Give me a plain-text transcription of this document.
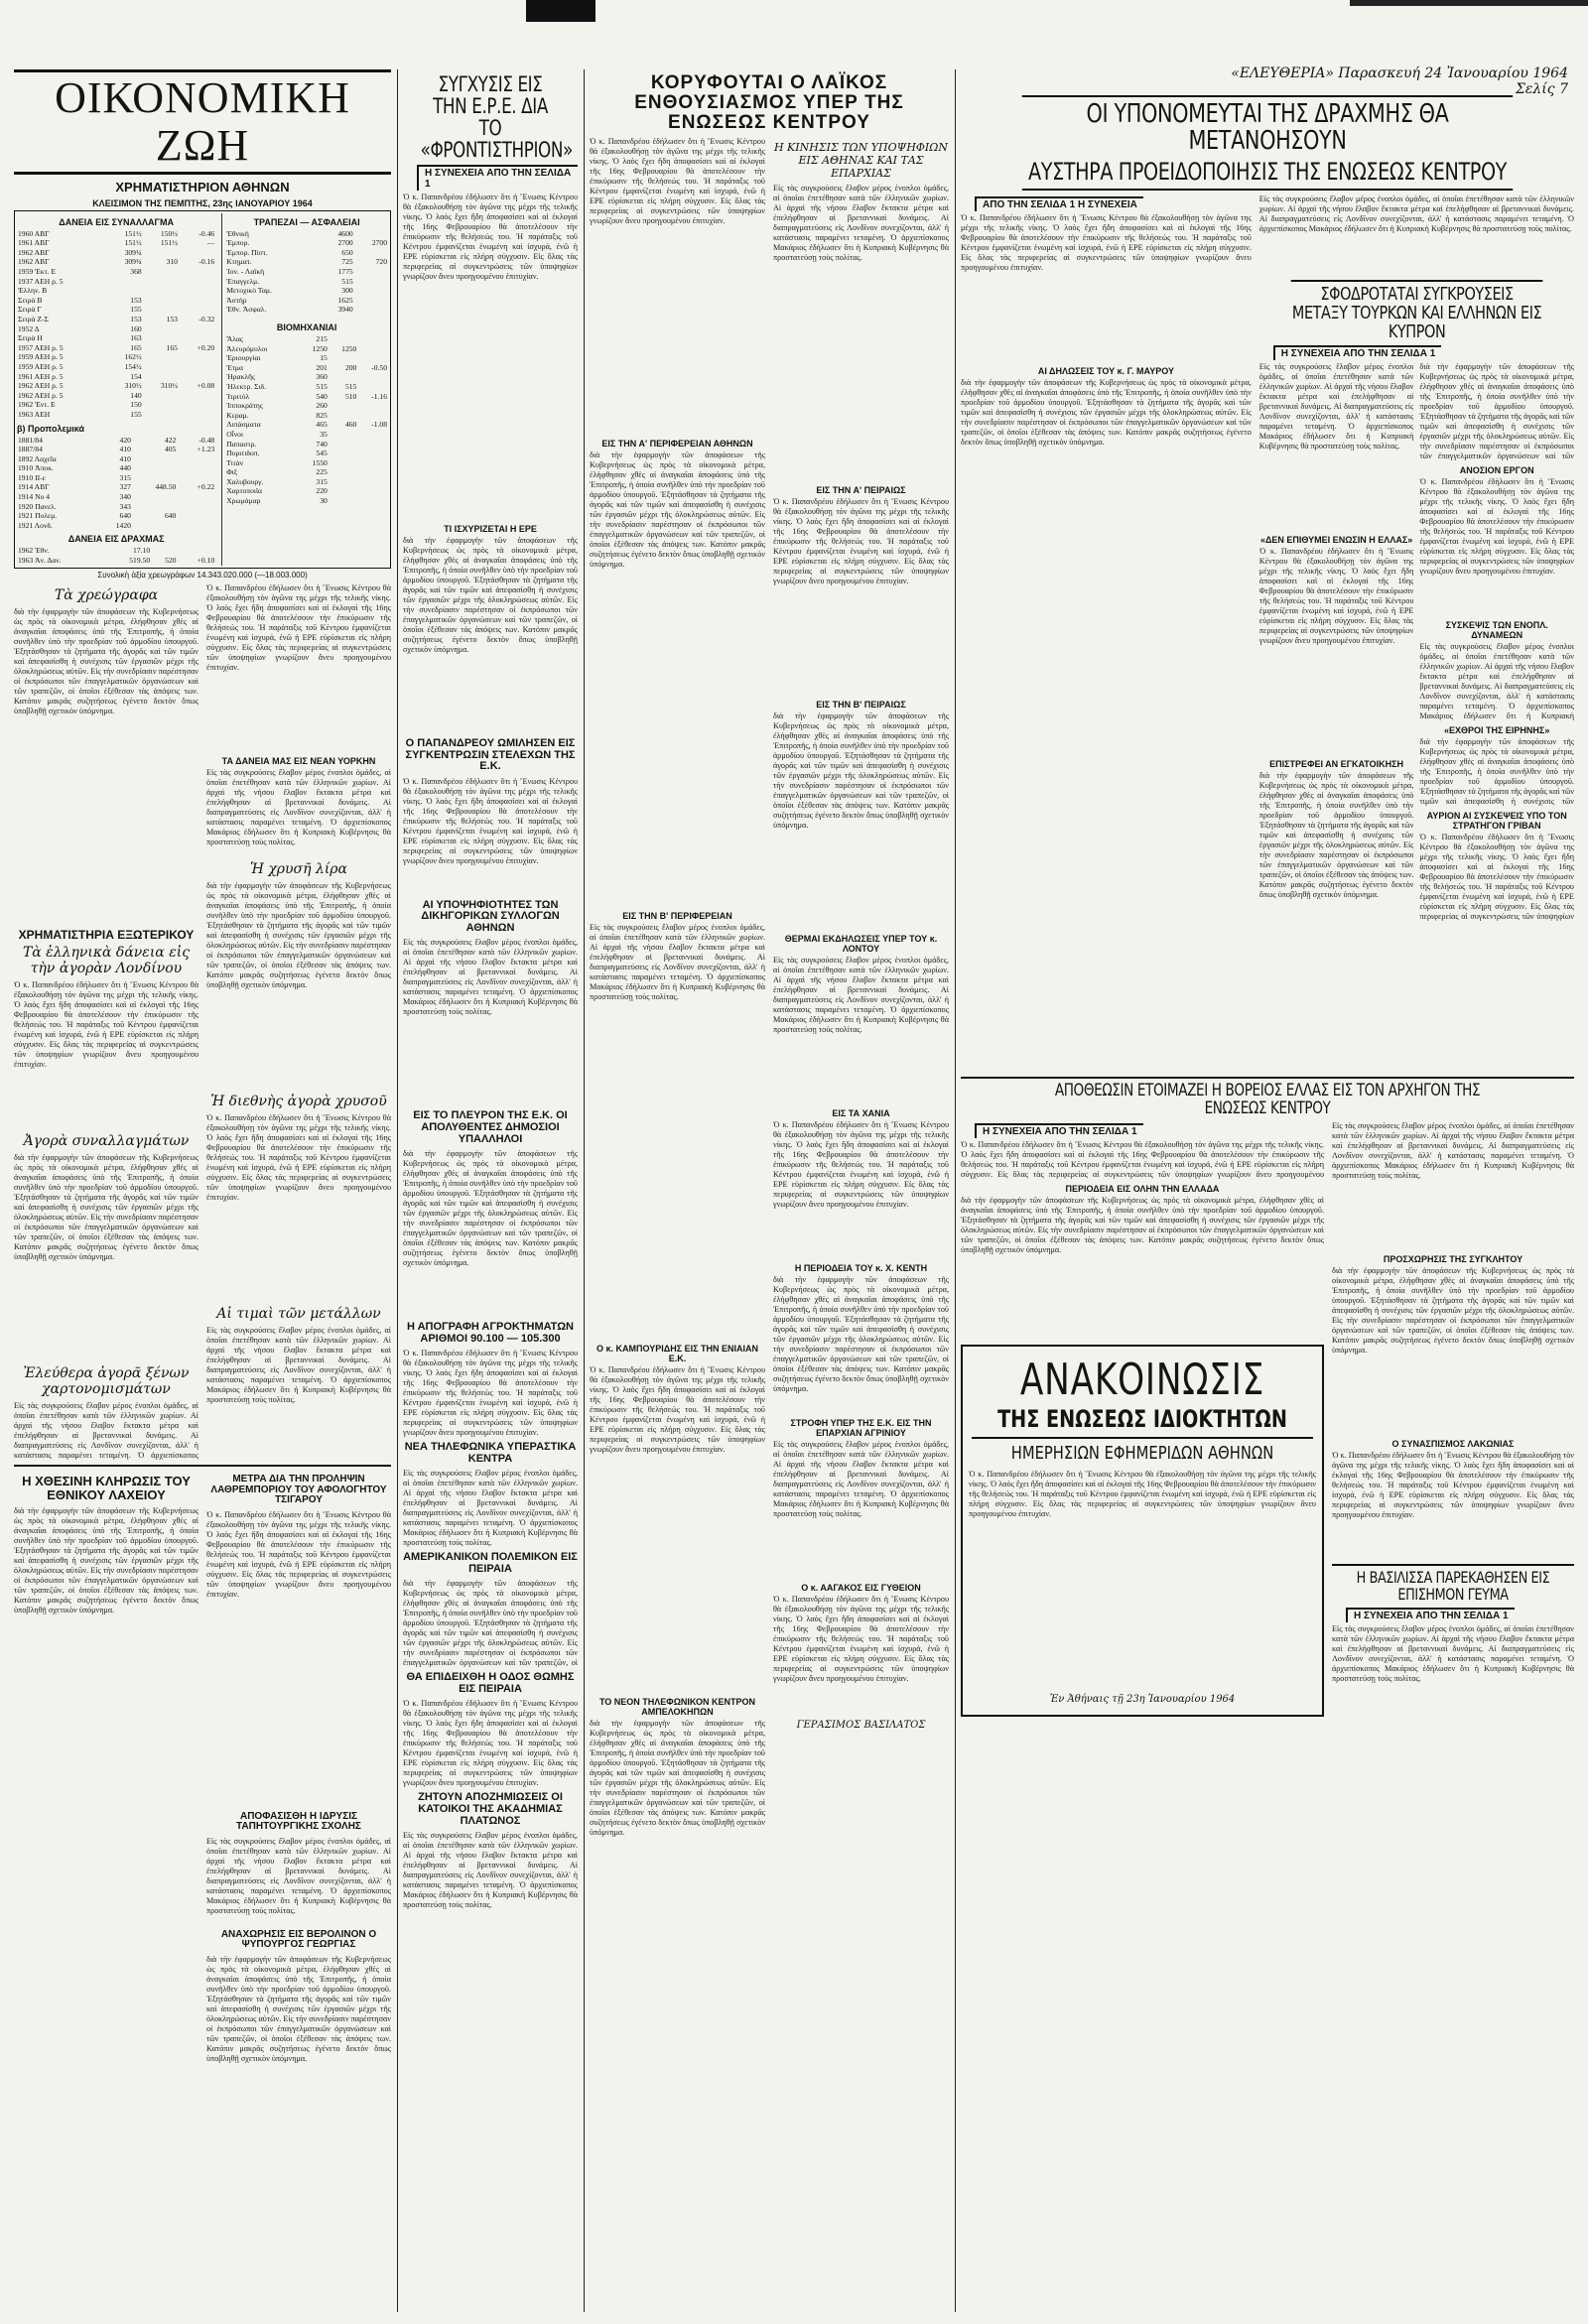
«ΕΛΕΥΘΕΡΙΑ» Παρασκευή 24 Ἰανουαρίου 1964 Σελίς 7
ΟΙΚΟΝΟΜΙΚΗ ΖΩΗ
ΧΡΗΜΑΤΙΣΤΗΡΙΟΝ ΑΘΗΝΩΝ
ΚΛΕΙΣΙΜΟΝ ΤΗΣ ΠΕΜΠΤΗΣ, 23ης ΙΑΝΟΥΑΡΙΟΥ 1964
ΔΑΝΕΙΑ ΕΙΣ ΣΥΝΑΛΛΑΓΜΑ
1960 ΑΒΓ	151½	150½	-0.46
1961 ΑΒΓ	151½	151½	—
1962 ΑΒΓ	309¾		
1962 ΑΒΓ	309¾	310	-0.16
1959 Ἐκτ. Ε	368		
1937 ΑΕΗ ρ. 5			
Ἐλλην. Β			
Σειρὰ Β	153		
Σειρὰ Γ	155		
Σειρὰ Ζ-Σ	153	153	-0.32
1952 Δ	160		
Σειρὰ Η	163		
1957 ΑΕΗ ρ. 5	165	165	+0.20
1959 ΑΕΗ ρ. 5	162½		
1959 ΑΕΗ ρ. 5	154½		
1961 ΑΕΗ ρ. 5	154		
1962 ΑΕΗ ρ. 5	310½	310½	+0.08
1962 ΑΕΗ ρ. 5	140		
1962 Ἐντ. Ε	150		
1963 ΑΕΗ	155		
β) Προπολεμικά
1881/84	420	422	-0.48
1887/84	410	405	+1.23
1892 Λαχεῖα	410		
1910 Ἀποκ.	440		
1910 ΙΙ-ε	315		
1914 ΑΒΓ	327	448.50	+0.22
1914 Νο 4	340		
1920 Πανελ.	343		
1921 Πολεμ.	640	640	
1921 Λονδ.	1420		
ΔΑΝΕΙΑ ΕΙΣ ΔΡΑΧΜΑΣ
1962 Ἐθν.	17.10		
1963 Ἀν. Δαν.	519.50	520	+0.10
ΤΡΑΠΕΖΑΙ — ΑΣΦΑΛΕΙΑΙ
Ἐθνικὴ	4600	
Ἐμπορ.	2700	2700
Ἐμπορ. Πίστ.	650	
Κτηματ.	725	720
Ἰον. - Λαϊκὴ	1775	
Ἐπαγγελμ.	515	
Μετοχικὸ Ταμ.	300	
Ἀστὴρ	1625	
Ἐθν. Ἀσφαλ.	3940	
ΒΙΟΜΗΧΑΝΙΑΙ
Ἄλας	215		
Ἀλευρόμυλοι	1250	1250	
Ἐριουργίαι	15		
Ἐτμα	201	200	-0.50
Ἡρακλῆς	360		
Ἠλεκτρ. Σιδ.	515	515	
Ἰτριτόλ	540	510	-1.16
Ἱπποκράτης	260		
Κεραμ.	825		
Λιπάσματα	465	460	-1.08
Οἶνοι	35		
Παπαστρ.	740		
Πυριτιδοπ.	545		
Τιτὰν	1550		
Φιξ	225		
Χαλυβουργ.	315		
Χαρτοποιΐα	220		
Χρωμάμαρ	30		
Συνολικὴ ἀξία χρεωγράφων 14.343.020.000 (—18.003.000)
Τὰ χρεώγραφα
διὰ τὴν ἐφαρμογὴν τῶν ἀποφάσεων τῆς Κυβερνήσεως ὡς πρὸς τὰ οἰκονομικὰ μέτρα, ἐλήφθησαν χθὲς αἱ ἀναγκαῖαι ἀποφάσεις ὑπὸ τῆς Ἐπιτροπῆς, ἡ ὁποία συνῆλθεν ὑπὸ τὴν προεδρίαν τοῦ ἁρμοδίου ὑπουργοῦ. Ἐξητάσθησαν τὰ ζητήματα τῆς ἀγορᾶς καὶ τῶν τιμῶν καὶ ἀπεφασίσθη ἡ συνέχισις τῶν ἐργασιῶν μέχρι τῆς ὁλοκληρώσεως αὐτῶν. Εἰς τὴν συνεδρίασιν παρέστησαν οἱ ἐκπρόσωποι τῶν ἐπαγγελματικῶν ὀργανώσεων καὶ τῶν τραπεζῶν, οἱ ὁποῖοι ἐξέθεσαν τὰς ἀπόψεις των. Κατόπιν μακρᾶς συζητήσεως ἐγένετο δεκτὸν ὅπως ὑποβληθῇ σχετικὸν ὑπόμνημα.
ΧΡΗΜΑΤΙΣΤΗΡΙΑ ΕΞΩΤΕΡΙΚΟΥ
Τὰ ἑλληνικὰ δάνεια εἰς τὴν ἀγορὰν Λονδίνου
Ὁ κ. Παπανδρέου ἐδήλωσεν ὅτι ἡ Ἕνωσις Κέντρου θὰ ἐξακολουθήσῃ τὸν ἀγῶνα της μέχρι τῆς τελικῆς νίκης. Ὁ λαὸς ἔχει ἤδη ἀποφασίσει καὶ αἱ ἐκλογαὶ τῆς 16ης Φεβρουαρίου θὰ ἀποτελέσουν τὴν ἐπικύρωσιν τῆς θελήσεώς του. Ἡ παράταξις τοῦ Κέντρου ἐμφανίζεται ἑνωμένη καὶ ἰσχυρά, ἐνῶ ἡ ΕΡΕ εὑρίσκεται εἰς πλήρη σύγχυσιν. Εἰς ὅλας τὰς περιφερείας αἱ συγκεντρώσεις τῶν ὑποψηφίων γνωρίζουν ἄνευ προηγουμένου ἐπιτυχίαν.
Ἀγορὰ συναλλαγμάτων
διὰ τὴν ἐφαρμογὴν τῶν ἀποφάσεων τῆς Κυβερνήσεως ὡς πρὸς τὰ οἰκονομικὰ μέτρα, ἐλήφθησαν χθὲς αἱ ἀναγκαῖαι ἀποφάσεις ὑπὸ τῆς Ἐπιτροπῆς, ἡ ὁποία συνῆλθεν ὑπὸ τὴν προεδρίαν τοῦ ἁρμοδίου ὑπουργοῦ. Ἐξητάσθησαν τὰ ζητήματα τῆς ἀγορᾶς καὶ τῶν τιμῶν καὶ ἀπεφασίσθη ἡ συνέχισις τῶν ἐργασιῶν μέχρι τῆς ὁλοκληρώσεως αὐτῶν. Εἰς τὴν συνεδρίασιν παρέστησαν οἱ ἐκπρόσωποι τῶν ἐπαγγελματικῶν ὀργανώσεων καὶ τῶν τραπεζῶν, οἱ ὁποῖοι ἐξέθεσαν τὰς ἀπόψεις των. Κατόπιν μακρᾶς συζητήσεως ἐγένετο δεκτὸν ὅπως ὑποβληθῇ σχετικὸν ὑπόμνημα.
Ἐλεύθερα ἀγορᾶ ξένων χαρτονομισμάτων
Εἰς τὰς συγκρούσεις ἔλαβον μέρος ἐνοπλοι ὁμάδες, αἱ ὁποῖαι ἐπετέθησαν κατὰ τῶν ἑλληνικῶν χωρίων. Αἱ ἀρχαὶ τῆς νήσου ἔλαβον ἔκτακτα μέτρα καὶ ἐπελήφθησαν αἱ βρεταννικαὶ δυνάμεις. Αἱ διαπραγματεύσεις εἰς Λονδῖνον συνεχίζονται, ἀλλ' ἡ κατάστασις παραμένει τεταμένη. Ὁ ἀρχιεπίσκοπος
Ὁ κ. Παπανδρέου ἐδήλωσεν ὅτι ἡ Ἕνωσις Κέντρου θὰ ἐξακολουθήσῃ τὸν ἀγῶνα της μέχρι τῆς τελικῆς νίκης. Ὁ λαὸς ἔχει ἤδη ἀποφασίσει καὶ αἱ ἐκλογαὶ τῆς 16ης Φεβρουαρίου θὰ ἀποτελέσουν τὴν ἐπικύρωσιν τῆς θελήσεώς του. Ἡ παράταξις τοῦ Κέντρου ἐμφανίζεται ἑνωμένη καὶ ἰσχυρά, ἐνῶ ἡ ΕΡΕ εὑρίσκεται εἰς πλήρη σύγχυσιν. Εἰς ὅλας τὰς περιφερείας αἱ συγκεντρώσεις τῶν ὑποψηφίων γνωρίζουν ἄνευ προηγουμένου ἐπιτυχίαν.
ΤΑ ΔΑΝΕΙΑ ΜΑΣ ΕΙΣ ΝΕΑΝ ΥΟΡΚΗΝ
Εἰς τὰς συγκρούσεις ἔλαβον μέρος ἐνοπλοι ὁμάδες, αἱ ὁποῖαι ἐπετέθησαν κατὰ τῶν ἑλληνικῶν χωρίων. Αἱ ἀρχαὶ τῆς νήσου ἔλαβον ἔκτακτα μέτρα καὶ ἐπελήφθησαν αἱ βρεταννικαὶ δυνάμεις. Αἱ διαπραγματεύσεις εἰς Λονδῖνον συνεχίζονται, ἀλλ' ἡ κατάστασις παραμένει τεταμένη. Ὁ ἀρχιεπίσκοπος Μακάριος ἐδήλωσεν ὅτι ἡ Κυπριακὴ Κυβέρνησις θὰ προστατεύσῃ τοὺς πολίτας.
Ἡ χρυσῆ λίρα
διὰ τὴν ἐφαρμογὴν τῶν ἀποφάσεων τῆς Κυβερνήσεως ὡς πρὸς τὰ οἰκονομικὰ μέτρα, ἐλήφθησαν χθὲς αἱ ἀναγκαῖαι ἀποφάσεις ὑπὸ τῆς Ἐπιτροπῆς, ἡ ὁποία συνῆλθεν ὑπὸ τὴν προεδρίαν τοῦ ἁρμοδίου ὑπουργοῦ. Ἐξητάσθησαν τὰ ζητήματα τῆς ἀγορᾶς καὶ τῶν τιμῶν καὶ ἀπεφασίσθη ἡ συνέχισις τῶν ἐργασιῶν μέχρι τῆς ὁλοκληρώσεως αὐτῶν. Εἰς τὴν συνεδρίασιν παρέστησαν οἱ ἐκπρόσωποι τῶν ἐπαγγελματικῶν ὀργανώσεων καὶ τῶν τραπεζῶν, οἱ ὁποῖοι ἐξέθεσαν τὰς ἀπόψεις των. Κατόπιν μακρᾶς συζητήσεως ἐγένετο δεκτὸν ὅπως ὑποβληθῇ σχετικὸν ὑπόμνημα.
Ἡ διεθνὴς ἀγορὰ χρυσοῦ
Ὁ κ. Παπανδρέου ἐδήλωσεν ὅτι ἡ Ἕνωσις Κέντρου θὰ ἐξακολουθήσῃ τὸν ἀγῶνα της μέχρι τῆς τελικῆς νίκης. Ὁ λαὸς ἔχει ἤδη ἀποφασίσει καὶ αἱ ἐκλογαὶ τῆς 16ης Φεβρουαρίου θὰ ἀποτελέσουν τὴν ἐπικύρωσιν τῆς θελήσεώς του. Ἡ παράταξις τοῦ Κέντρου ἐμφανίζεται ἑνωμένη καὶ ἰσχυρά, ἐνῶ ἡ ΕΡΕ εὑρίσκεται εἰς πλήρη σύγχυσιν. Εἰς ὅλας τὰς περιφερείας αἱ συγκεντρώσεις τῶν ὑποψηφίων γνωρίζουν ἄνευ προηγουμένου ἐπιτυχίαν.
Αἱ τιμαὶ τῶν μετάλλων
Εἰς τὰς συγκρούσεις ἔλαβον μέρος ἐνοπλοι ὁμάδες, αἱ ὁποῖαι ἐπετέθησαν κατὰ τῶν ἑλληνικῶν χωρίων. Αἱ ἀρχαὶ τῆς νήσου ἔλαβον ἔκτακτα μέτρα καὶ ἐπελήφθησαν αἱ βρεταννικαὶ δυνάμεις. Αἱ διαπραγματεύσεις εἰς Λονδῖνον συνεχίζονται, ἀλλ' ἡ κατάστασις παραμένει τεταμένη. Ὁ ἀρχιεπίσκοπος Μακάριος ἐδήλωσεν ὅτι ἡ Κυπριακὴ Κυβέρνησις θὰ προστατεύσῃ τοὺς πολίτας.
Η ΧΘΕΣΙΝΗ ΚΛΗΡΩΣΙΣ ΤΟΥ ΕΘΝΙΚΟΥ ΛΑΧΕΙΟΥ
διὰ τὴν ἐφαρμογὴν τῶν ἀποφάσεων τῆς Κυβερνήσεως ὡς πρὸς τὰ οἰκονομικὰ μέτρα, ἐλήφθησαν χθὲς αἱ ἀναγκαῖαι ἀποφάσεις ὑπὸ τῆς Ἐπιτροπῆς, ἡ ὁποία συνῆλθεν ὑπὸ τὴν προεδρίαν τοῦ ἁρμοδίου ὑπουργοῦ. Ἐξητάσθησαν τὰ ζητήματα τῆς ἀγορᾶς καὶ τῶν τιμῶν καὶ ἀπεφασίσθη ἡ συνέχισις τῶν ἐργασιῶν μέχρι τῆς ὁλοκληρώσεως αὐτῶν. Εἰς τὴν συνεδρίασιν παρέστησαν οἱ ἐκπρόσωποι τῶν ἐπαγγελματικῶν ὀργανώσεων καὶ τῶν τραπεζῶν, οἱ ὁποῖοι ἐξέθεσαν τὰς ἀπόψεις των. Κατόπιν μακρᾶς συζητήσεως ἐγένετο δεκτὸν ὅπως ὑποβληθῇ σχετικὸν ὑπόμνημα.
ΜΕΤΡΑ ΔΙΑ ΤΗΝ ΠΡΟΛΗΨΙΝ ΛΑΘΡΕΜΠΟΡΙΟΥ ΤΟΥ ΑΦΟΛΟΓΗΤΟΥ ΤΣΙΓΑΡΟΥ
Ὁ κ. Παπανδρέου ἐδήλωσεν ὅτι ἡ Ἕνωσις Κέντρου θὰ ἐξακολουθήσῃ τὸν ἀγῶνα της μέχρι τῆς τελικῆς νίκης. Ὁ λαὸς ἔχει ἤδη ἀποφασίσει καὶ αἱ ἐκλογαὶ τῆς 16ης Φεβρουαρίου θὰ ἀποτελέσουν τὴν ἐπικύρωσιν τῆς θελήσεώς του. Ἡ παράταξις τοῦ Κέντρου ἐμφανίζεται ἑνωμένη καὶ ἰσχυρά, ἐνῶ ἡ ΕΡΕ εὑρίσκεται εἰς πλήρη σύγχυσιν. Εἰς ὅλας τὰς περιφερείας αἱ συγκεντρώσεις τῶν ὑποψηφίων γνωρίζουν ἄνευ προηγουμένου ἐπιτυχίαν.
ΑΠΟΦΑΣΙΣΘΗ Η ΙΔΡΥΣΙΣ ΤΑΠΗΤΟΥΡΓΙΚΗΣ ΣΧΟΛΗΣ
Εἰς τὰς συγκρούσεις ἔλαβον μέρος ἐνοπλοι ὁμάδες, αἱ ὁποῖαι ἐπετέθησαν κατὰ τῶν ἑλληνικῶν χωρίων. Αἱ ἀρχαὶ τῆς νήσου ἔλαβον ἔκτακτα μέτρα καὶ ἐπελήφθησαν αἱ βρεταννικαὶ δυνάμεις. Αἱ διαπραγματεύσεις εἰς Λονδῖνον συνεχίζονται, ἀλλ' ἡ κατάστασις παραμένει τεταμένη. Ὁ ἀρχιεπίσκοπος Μακάριος ἐδήλωσεν ὅτι ἡ Κυπριακὴ Κυβέρνησις θὰ προστατεύσῃ τοὺς πολίτας.
ΑΝΑΧΩΡΗΣΙΣ ΕΙΣ ΒΕΡΟΛΙΝΟΝ Ο ΨΥΠΟΥΡΓΟΣ ΓΕΩΡΓΙΑΣ
διὰ τὴν ἐφαρμογὴν τῶν ἀποφάσεων τῆς Κυβερνήσεως ὡς πρὸς τὰ οἰκονομικὰ μέτρα, ἐλήφθησαν χθὲς αἱ ἀναγκαῖαι ἀποφάσεις ὑπὸ τῆς Ἐπιτροπῆς, ἡ ὁποία συνῆλθεν ὑπὸ τὴν προεδρίαν τοῦ ἁρμοδίου ὑπουργοῦ. Ἐξητάσθησαν τὰ ζητήματα τῆς ἀγορᾶς καὶ τῶν τιμῶν καὶ ἀπεφασίσθη ἡ συνέχισις τῶν ἐργασιῶν μέχρι τῆς ὁλοκληρώσεως αὐτῶν. Εἰς τὴν συνεδρίασιν παρέστησαν οἱ ἐκπρόσωποι τῶν ἐπαγγελματικῶν ὀργανώσεων καὶ τῶν τραπεζῶν, οἱ ὁποῖοι ἐξέθεσαν τὰς ἀπόψεις των. Κατόπιν μακρᾶς συζητήσεως ἐγένετο δεκτὸν ὅπως ὑποβληθῇ σχετικὸν ὑπόμνημα.
ΣΥΓΧΥΣΙΣ ΕΙΣ ΤΗΝ Ε.Ρ.Ε. ΔΙΑ ΤΟ «ΦΡΟΝΤΙΣΤΗΡΙΟΝ»
Η ΣΥΝΕΧΕΙΑ ΑΠΟ ΤΗΝ ΣΕΛΙΔΑ 1
Ὁ κ. Παπανδρέου ἐδήλωσεν ὅτι ἡ Ἕνωσις Κέντρου θὰ ἐξακολουθήσῃ τὸν ἀγῶνα της μέχρι τῆς τελικῆς νίκης. Ὁ λαὸς ἔχει ἤδη ἀποφασίσει καὶ αἱ ἐκλογαὶ τῆς 16ης Φεβρουαρίου θὰ ἀποτελέσουν τὴν ἐπικύρωσιν τῆς θελήσεώς του. Ἡ παράταξις τοῦ Κέντρου ἐμφανίζεται ἑνωμένη καὶ ἰσχυρά, ἐνῶ ἡ ΕΡΕ εὑρίσκεται εἰς πλήρη σύγχυσιν. Εἰς ὅλας τὰς περιφερείας αἱ συγκεντρώσεις τῶν ὑποψηφίων γνωρίζουν ἄνευ προηγουμένου ἐπιτυχίαν.
ΤΙ ΙΣΧΥΡΙΖΕΤΑΙ Η ΕΡΕ
διὰ τὴν ἐφαρμογὴν τῶν ἀποφάσεων τῆς Κυβερνήσεως ὡς πρὸς τὰ οἰκονομικὰ μέτρα, ἐλήφθησαν χθὲς αἱ ἀναγκαῖαι ἀποφάσεις ὑπὸ τῆς Ἐπιτροπῆς, ἡ ὁποία συνῆλθεν ὑπὸ τὴν προεδρίαν τοῦ ἁρμοδίου ὑπουργοῦ. Ἐξητάσθησαν τὰ ζητήματα τῆς ἀγορᾶς καὶ τῶν τιμῶν καὶ ἀπεφασίσθη ἡ συνέχισις τῶν ἐργασιῶν μέχρι τῆς ὁλοκληρώσεως αὐτῶν. Εἰς τὴν συνεδρίασιν παρέστησαν οἱ ἐκπρόσωποι τῶν ἐπαγγελματικῶν ὀργανώσεων καὶ τῶν τραπεζῶν, οἱ ὁποῖοι ἐξέθεσαν τὰς ἀπόψεις των. Κατόπιν μακρᾶς συζητήσεως ἐγένετο δεκτὸν ὅπως ὑποβληθῇ σχετικὸν ὑπόμνημα.
Ο ΠΑΠΑΝΔΡΕΟΥ ΩΜΙΛΗΣΕΝ ΕΙΣ ΣΥΓΚΕΝΤΡΩΣΙΝ ΣΤΕΛΕΧΩΝ ΤΗΣ Ε.Κ.
Ὁ κ. Παπανδρέου ἐδήλωσεν ὅτι ἡ Ἕνωσις Κέντρου θὰ ἐξακολουθήσῃ τὸν ἀγῶνα της μέχρι τῆς τελικῆς νίκης. Ὁ λαὸς ἔχει ἤδη ἀποφασίσει καὶ αἱ ἐκλογαὶ τῆς 16ης Φεβρουαρίου θὰ ἀποτελέσουν τὴν ἐπικύρωσιν τῆς θελήσεώς του. Ἡ παράταξις τοῦ Κέντρου ἐμφανίζεται ἑνωμένη καὶ ἰσχυρά, ἐνῶ ἡ ΕΡΕ εὑρίσκεται εἰς πλήρη σύγχυσιν. Εἰς ὅλας τὰς περιφερείας αἱ συγκεντρώσεις τῶν ὑποψηφίων γνωρίζουν ἄνευ προηγουμένου ἐπιτυχίαν.
ΑΙ ΥΠΟΨΗΦΙΟΤΗΤΕΣ ΤΩΝ ΔΙΚΗΓΟΡΙΚΩΝ ΣΥΛΛΟΓΩΝ ΑΘΗΝΩΝ
Εἰς τὰς συγκρούσεις ἔλαβον μέρος ἐνοπλοι ὁμάδες, αἱ ὁποῖαι ἐπετέθησαν κατὰ τῶν ἑλληνικῶν χωρίων. Αἱ ἀρχαὶ τῆς νήσου ἔλαβον ἔκτακτα μέτρα καὶ ἐπελήφθησαν αἱ βρεταννικαὶ δυνάμεις. Αἱ διαπραγματεύσεις εἰς Λονδῖνον συνεχίζονται, ἀλλ' ἡ κατάστασις παραμένει τεταμένη. Ὁ ἀρχιεπίσκοπος Μακάριος ἐδήλωσεν ὅτι ἡ Κυπριακὴ Κυβέρνησις θὰ προστατεύσῃ τοὺς πολίτας.
ΕΙΣ ΤΟ ΠΛΕΥΡΟΝ ΤΗΣ Ε.Κ. ΟΙ ΑΠΟΛΥΘΕΝΤΕΣ ΔΗΜΟΣΙΟΙ ΥΠΑΛΛΗΛΟΙ
διὰ τὴν ἐφαρμογὴν τῶν ἀποφάσεων τῆς Κυβερνήσεως ὡς πρὸς τὰ οἰκονομικὰ μέτρα, ἐλήφθησαν χθὲς αἱ ἀναγκαῖαι ἀποφάσεις ὑπὸ τῆς Ἐπιτροπῆς, ἡ ὁποία συνῆλθεν ὑπὸ τὴν προεδρίαν τοῦ ἁρμοδίου ὑπουργοῦ. Ἐξητάσθησαν τὰ ζητήματα τῆς ἀγορᾶς καὶ τῶν τιμῶν καὶ ἀπεφασίσθη ἡ συνέχισις τῶν ἐργασιῶν μέχρι τῆς ὁλοκληρώσεως αὐτῶν. Εἰς τὴν συνεδρίασιν παρέστησαν οἱ ἐκπρόσωποι τῶν ἐπαγγελματικῶν ὀργανώσεων καὶ τῶν τραπεζῶν, οἱ ὁποῖοι ἐξέθεσαν τὰς ἀπόψεις των. Κατόπιν μακρᾶς συζητήσεως ἐγένετο δεκτὸν ὅπως ὑποβληθῇ σχετικὸν ὑπόμνημα.
Η ΑΠΟΓΡΑΦΗ ΑΓΡΟΚΤΗΜΑΤΩΝ ΑΡΙΘΜΟΙ 90.100 — 105.300
Ὁ κ. Παπανδρέου ἐδήλωσεν ὅτι ἡ Ἕνωσις Κέντρου θὰ ἐξακολουθήσῃ τὸν ἀγῶνα της μέχρι τῆς τελικῆς νίκης. Ὁ λαὸς ἔχει ἤδη ἀποφασίσει καὶ αἱ ἐκλογαὶ τῆς 16ης Φεβρουαρίου θὰ ἀποτελέσουν τὴν ἐπικύρωσιν τῆς θελήσεώς του. Ἡ παράταξις τοῦ Κέντρου ἐμφανίζεται ἑνωμένη καὶ ἰσχυρά, ἐνῶ ἡ ΕΡΕ εὑρίσκεται εἰς πλήρη σύγχυσιν. Εἰς ὅλας τὰς περιφερείας αἱ συγκεντρώσεις τῶν ὑποψηφίων γνωρίζουν ἄνευ προηγουμένου ἐπιτυχίαν.
ΝΕΑ ΤΗΛΕΦΩΝΙΚΑ ΥΠΕΡΑΣΤΙΚΑ ΚΕΝΤΡΑ
Εἰς τὰς συγκρούσεις ἔλαβον μέρος ἐνοπλοι ὁμάδες, αἱ ὁποῖαι ἐπετέθησαν κατὰ τῶν ἑλληνικῶν χωρίων. Αἱ ἀρχαὶ τῆς νήσου ἔλαβον ἔκτακτα μέτρα καὶ ἐπελήφθησαν αἱ βρεταννικαὶ δυνάμεις. Αἱ διαπραγματεύσεις εἰς Λονδῖνον συνεχίζονται, ἀλλ' ἡ κατάστασις παραμένει τεταμένη. Ὁ ἀρχιεπίσκοπος Μακάριος ἐδήλωσεν ὅτι ἡ Κυπριακὴ Κυβέρνησις θὰ προστατεύσῃ τοὺς πολίτας.
ΑΜΕΡΙΚΑΝΙΚΟΝ ΠΟΛΕΜΙΚΟΝ ΕΙΣ ΠΕΙΡΑΙΑ
διὰ τὴν ἐφαρμογὴν τῶν ἀποφάσεων τῆς Κυβερνήσεως ὡς πρὸς τὰ οἰκονομικὰ μέτρα, ἐλήφθησαν χθὲς αἱ ἀναγκαῖαι ἀποφάσεις ὑπὸ τῆς Ἐπιτροπῆς, ἡ ὁποία συνῆλθεν ὑπὸ τὴν προεδρίαν τοῦ ἁρμοδίου ὑπουργοῦ. Ἐξητάσθησαν τὰ ζητήματα τῆς ἀγορᾶς καὶ τῶν τιμῶν καὶ ἀπεφασίσθη ἡ συνέχισις τῶν ἐργασιῶν μέχρι τῆς ὁλοκληρώσεως αὐτῶν. Εἰς τὴν συνεδρίασιν παρέστησαν οἱ ἐκπρόσωποι τῶν ἐπαγγελματικῶν ὀργανώσεων καὶ τῶν τραπεζῶν, οἱ
ΘΑ ΕΠΙΔΕΙΧΘΗ Η ΟΔΟΣ ΘΩΜΗΣ ΕΙΣ ΠΕΙΡΑΙΑ
Ὁ κ. Παπανδρέου ἐδήλωσεν ὅτι ἡ Ἕνωσις Κέντρου θὰ ἐξακολουθήσῃ τὸν ἀγῶνα της μέχρι τῆς τελικῆς νίκης. Ὁ λαὸς ἔχει ἤδη ἀποφασίσει καὶ αἱ ἐκλογαὶ τῆς 16ης Φεβρουαρίου θὰ ἀποτελέσουν τὴν ἐπικύρωσιν τῆς θελήσεώς του. Ἡ παράταξις τοῦ Κέντρου ἐμφανίζεται ἑνωμένη καὶ ἰσχυρά, ἐνῶ ἡ ΕΡΕ εὑρίσκεται εἰς πλήρη σύγχυσιν. Εἰς ὅλας τὰς περιφερείας αἱ συγκεντρώσεις τῶν ὑποψηφίων γνωρίζουν ἄνευ προηγουμένου ἐπιτυχίαν.
ΖΗΤΟΥΝ ΑΠΟΖΗΜΙΩΣΕΙΣ ΟΙ ΚΑΤΟΙΚΟΙ ΤΗΣ ΑΚΑΔΗΜΙΑΣ ΠΛΑΤΩΝΟΣ
Εἰς τὰς συγκρούσεις ἔλαβον μέρος ἐνοπλοι ὁμάδες, αἱ ὁποῖαι ἐπετέθησαν κατὰ τῶν ἑλληνικῶν χωρίων. Αἱ ἀρχαὶ τῆς νήσου ἔλαβον ἔκτακτα μέτρα καὶ ἐπελήφθησαν αἱ βρεταννικαὶ δυνάμεις. Αἱ διαπραγματεύσεις εἰς Λονδῖνον συνεχίζονται, ἀλλ' ἡ κατάστασις παραμένει τεταμένη. Ὁ ἀρχιεπίσκοπος Μακάριος ἐδήλωσεν ὅτι ἡ Κυπριακὴ Κυβέρνησις θὰ προστατεύσῃ τοὺς πολίτας.
ΚΟΡΥΦΟΥΤΑΙ Ο ΛΑΪΚΟΣ ΕΝΘΟΥΣΙΑΣΜΟΣ ΥΠΕΡ ΤΗΣ ΕΝΩΣΕΩΣ ΚΕΝΤΡΟΥ
Ὁ κ. Παπανδρέου ἐδήλωσεν ὅτι ἡ Ἕνωσις Κέντρου θὰ ἐξακολουθήσῃ τὸν ἀγῶνα της μέχρι τῆς τελικῆς νίκης. Ὁ λαὸς ἔχει ἤδη ἀποφασίσει καὶ αἱ ἐκλογαὶ τῆς 16ης Φεβρουαρίου θὰ ἀποτελέσουν τὴν ἐπικύρωσιν τῆς θελήσεώς του. Ἡ παράταξις τοῦ Κέντρου ἐμφανίζεται ἑνωμένη καὶ ἰσχυρά, ἐνῶ ἡ ΕΡΕ εὑρίσκεται εἰς πλήρη σύγχυσιν. Εἰς ὅλας τὰς περιφερείας αἱ συγκεντρώσεις τῶν ὑποψηφίων γνωρίζουν ἄνευ προηγουμένου ἐπιτυχίαν.
ΕΙΣ ΤΗΝ Α' ΠΕΡΙΦΕΡΕΙΑΝ ΑΘΗΝΩΝ
διὰ τὴν ἐφαρμογὴν τῶν ἀποφάσεων τῆς Κυβερνήσεως ὡς πρὸς τὰ οἰκονομικὰ μέτρα, ἐλήφθησαν χθὲς αἱ ἀναγκαῖαι ἀποφάσεις ὑπὸ τῆς Ἐπιτροπῆς, ἡ ὁποία συνῆλθεν ὑπὸ τὴν προεδρίαν τοῦ ἁρμοδίου ὑπουργοῦ. Ἐξητάσθησαν τὰ ζητήματα τῆς ἀγορᾶς καὶ τῶν τιμῶν καὶ ἀπεφασίσθη ἡ συνέχισις τῶν ἐργασιῶν μέχρι τῆς ὁλοκληρώσεως αὐτῶν. Εἰς τὴν συνεδρίασιν παρέστησαν οἱ ἐκπρόσωποι τῶν ἐπαγγελματικῶν ὀργανώσεων καὶ τῶν τραπεζῶν, οἱ ὁποῖοι ἐξέθεσαν τὰς ἀπόψεις των. Κατόπιν μακρᾶς συζητήσεως ἐγένετο δεκτὸν ὅπως ὑποβληθῇ σχετικὸν ὑπόμνημα.
ΕΙΣ ΤΗΝ Β' ΠΕΡΙΦΕΡΕΙΑΝ
Εἰς τὰς συγκρούσεις ἔλαβον μέρος ἐνοπλοι ὁμάδες, αἱ ὁποῖαι ἐπετέθησαν κατὰ τῶν ἑλληνικῶν χωρίων. Αἱ ἀρχαὶ τῆς νήσου ἔλαβον ἔκτακτα μέτρα καὶ ἐπελήφθησαν αἱ βρεταννικαὶ δυνάμεις. Αἱ διαπραγματεύσεις εἰς Λονδῖνον συνεχίζονται, ἀλλ' ἡ κατάστασις παραμένει τεταμένη. Ὁ ἀρχιεπίσκοπος Μακάριος ἐδήλωσεν ὅτι ἡ Κυπριακὴ Κυβέρνησις θὰ προστατεύσῃ τοὺς πολίτας.
Ο κ. ΚΑΜΠΟΥΡΙΔΗΣ ΕΙΣ ΤΗΝ ΕΝΙΑΙΑΝ Ε.Κ.
Ὁ κ. Παπανδρέου ἐδήλωσεν ὅτι ἡ Ἕνωσις Κέντρου θὰ ἐξακολουθήσῃ τὸν ἀγῶνα της μέχρι τῆς τελικῆς νίκης. Ὁ λαὸς ἔχει ἤδη ἀποφασίσει καὶ αἱ ἐκλογαὶ τῆς 16ης Φεβρουαρίου θὰ ἀποτελέσουν τὴν ἐπικύρωσιν τῆς θελήσεώς του. Ἡ παράταξις τοῦ Κέντρου ἐμφανίζεται ἑνωμένη καὶ ἰσχυρά, ἐνῶ ἡ ΕΡΕ εὑρίσκεται εἰς πλήρη σύγχυσιν. Εἰς ὅλας τὰς περιφερείας αἱ συγκεντρώσεις τῶν ὑποψηφίων γνωρίζουν ἄνευ προηγουμένου ἐπιτυχίαν.
ΤΟ ΝΕΟΝ ΤΗΛΕΦΩΝΙΚΟΝ ΚΕΝΤΡΟΝ ΑΜΠΕΛΟΚΗΠΩΝ
διὰ τὴν ἐφαρμογὴν τῶν ἀποφάσεων τῆς Κυβερνήσεως ὡς πρὸς τὰ οἰκονομικὰ μέτρα, ἐλήφθησαν χθὲς αἱ ἀναγκαῖαι ἀποφάσεις ὑπὸ τῆς Ἐπιτροπῆς, ἡ ὁποία συνῆλθεν ὑπὸ τὴν προεδρίαν τοῦ ἁρμοδίου ὑπουργοῦ. Ἐξητάσθησαν τὰ ζητήματα τῆς ἀγορᾶς καὶ τῶν τιμῶν καὶ ἀπεφασίσθη ἡ συνέχισις τῶν ἐργασιῶν μέχρι τῆς ὁλοκληρώσεως αὐτῶν. Εἰς τὴν συνεδρίασιν παρέστησαν οἱ ἐκπρόσωποι τῶν ἐπαγγελματικῶν ὀργανώσεων καὶ τῶν τραπεζῶν, οἱ ὁποῖοι ἐξέθεσαν τὰς ἀπόψεις των. Κατόπιν μακρᾶς συζητήσεως ἐγένετο δεκτὸν ὅπως ὑποβληθῇ σχετικὸν ὑπόμνημα.
Η ΚΙΝΗΣΙΣ ΤΩΝ ΥΠΟΨΗΦΙΩΝ ΕΙΣ ΑΘΗΝΑΣ ΚΑΙ ΤΑΣ ΕΠΑΡΧΙΑΣ
Εἰς τὰς συγκρούσεις ἔλαβον μέρος ἐνοπλοι ὁμάδες, αἱ ὁποῖαι ἐπετέθησαν κατὰ τῶν ἑλληνικῶν χωρίων. Αἱ ἀρχαὶ τῆς νήσου ἔλαβον ἔκτακτα μέτρα καὶ ἐπελήφθησαν αἱ βρεταννικαὶ δυνάμεις. Αἱ διαπραγματεύσεις εἰς Λονδῖνον συνεχίζονται, ἀλλ' ἡ κατάστασις παραμένει τεταμένη. Ὁ ἀρχιεπίσκοπος Μακάριος ἐδήλωσεν ὅτι ἡ Κυπριακὴ Κυβέρνησις θὰ προστατεύσῃ τοὺς πολίτας.
ΕΙΣ ΤΗΝ Α' ΠΕΙΡΑΙΩΣ
Ὁ κ. Παπανδρέου ἐδήλωσεν ὅτι ἡ Ἕνωσις Κέντρου θὰ ἐξακολουθήσῃ τὸν ἀγῶνα της μέχρι τῆς τελικῆς νίκης. Ὁ λαὸς ἔχει ἤδη ἀποφασίσει καὶ αἱ ἐκλογαὶ τῆς 16ης Φεβρουαρίου θὰ ἀποτελέσουν τὴν ἐπικύρωσιν τῆς θελήσεώς του. Ἡ παράταξις τοῦ Κέντρου ἐμφανίζεται ἑνωμένη καὶ ἰσχυρά, ἐνῶ ἡ ΕΡΕ εὑρίσκεται εἰς πλήρη σύγχυσιν. Εἰς ὅλας τὰς περιφερείας αἱ συγκεντρώσεις τῶν ὑποψηφίων γνωρίζουν ἄνευ προηγουμένου ἐπιτυχίαν.
ΕΙΣ ΤΗΝ Β' ΠΕΙΡΑΙΩΣ
διὰ τὴν ἐφαρμογὴν τῶν ἀποφάσεων τῆς Κυβερνήσεως ὡς πρὸς τὰ οἰκονομικὰ μέτρα, ἐλήφθησαν χθὲς αἱ ἀναγκαῖαι ἀποφάσεις ὑπὸ τῆς Ἐπιτροπῆς, ἡ ὁποία συνῆλθεν ὑπὸ τὴν προεδρίαν τοῦ ἁρμοδίου ὑπουργοῦ. Ἐξητάσθησαν τὰ ζητήματα τῆς ἀγορᾶς καὶ τῶν τιμῶν καὶ ἀπεφασίσθη ἡ συνέχισις τῶν ἐργασιῶν μέχρι τῆς ὁλοκληρώσεως αὐτῶν. Εἰς τὴν συνεδρίασιν παρέστησαν οἱ ἐκπρόσωποι τῶν ἐπαγγελματικῶν ὀργανώσεων καὶ τῶν τραπεζῶν, οἱ ὁποῖοι ἐξέθεσαν τὰς ἀπόψεις των. Κατόπιν μακρᾶς συζητήσεως ἐγένετο δεκτὸν ὅπως ὑποβληθῇ σχετικὸν ὑπόμνημα.
ΘΕΡΜΑΙ ΕΚΔΗΛΩΣΕΙΣ ΥΠΕΡ ΤΟΥ κ. ΛΟΝΤΟΥ
Εἰς τὰς συγκρούσεις ἔλαβον μέρος ἐνοπλοι ὁμάδες, αἱ ὁποῖαι ἐπετέθησαν κατὰ τῶν ἑλληνικῶν χωρίων. Αἱ ἀρχαὶ τῆς νήσου ἔλαβον ἔκτακτα μέτρα καὶ ἐπελήφθησαν αἱ βρεταννικαὶ δυνάμεις. Αἱ διαπραγματεύσεις εἰς Λονδῖνον συνεχίζονται, ἀλλ' ἡ κατάστασις παραμένει τεταμένη. Ὁ ἀρχιεπίσκοπος Μακάριος ἐδήλωσεν ὅτι ἡ Κυπριακὴ Κυβέρνησις θὰ προστατεύσῃ τοὺς πολίτας.
ΕΙΣ ΤΑ ΧΑΝΙΑ
Ὁ κ. Παπανδρέου ἐδήλωσεν ὅτι ἡ Ἕνωσις Κέντρου θὰ ἐξακολουθήσῃ τὸν ἀγῶνα της μέχρι τῆς τελικῆς νίκης. Ὁ λαὸς ἔχει ἤδη ἀποφασίσει καὶ αἱ ἐκλογαὶ τῆς 16ης Φεβρουαρίου θὰ ἀποτελέσουν τὴν ἐπικύρωσιν τῆς θελήσεώς του. Ἡ παράταξις τοῦ Κέντρου ἐμφανίζεται ἑνωμένη καὶ ἰσχυρά, ἐνῶ ἡ ΕΡΕ εὑρίσκεται εἰς πλήρη σύγχυσιν. Εἰς ὅλας τὰς περιφερείας αἱ συγκεντρώσεις τῶν ὑποψηφίων γνωρίζουν ἄνευ προηγουμένου ἐπιτυχίαν.
Η ΠΕΡΙΟΔΕΙΑ ΤΟΥ κ. Χ. ΚΕΝΤΗ
διὰ τὴν ἐφαρμογὴν τῶν ἀποφάσεων τῆς Κυβερνήσεως ὡς πρὸς τὰ οἰκονομικὰ μέτρα, ἐλήφθησαν χθὲς αἱ ἀναγκαῖαι ἀποφάσεις ὑπὸ τῆς Ἐπιτροπῆς, ἡ ὁποία συνῆλθεν ὑπὸ τὴν προεδρίαν τοῦ ἁρμοδίου ὑπουργοῦ. Ἐξητάσθησαν τὰ ζητήματα τῆς ἀγορᾶς καὶ τῶν τιμῶν καὶ ἀπεφασίσθη ἡ συνέχισις τῶν ἐργασιῶν μέχρι τῆς ὁλοκληρώσεως αὐτῶν. Εἰς τὴν συνεδρίασιν παρέστησαν οἱ ἐκπρόσωποι τῶν ἐπαγγελματικῶν ὀργανώσεων καὶ τῶν τραπεζῶν, οἱ ὁποῖοι ἐξέθεσαν τὰς ἀπόψεις των. Κατόπιν μακρᾶς συζητήσεως ἐγένετο δεκτὸν ὅπως ὑποβληθῇ σχετικὸν ὑπόμνημα.
ΣΤΡΟΦΗ ΥΠΕΡ ΤΗΣ Ε.Κ. ΕΙΣ ΤΗΝ ΕΠΑΡΧΙΑΝ ΑΓΡΙΝΙΟΥ
Εἰς τὰς συγκρούσεις ἔλαβον μέρος ἐνοπλοι ὁμάδες, αἱ ὁποῖαι ἐπετέθησαν κατὰ τῶν ἑλληνικῶν χωρίων. Αἱ ἀρχαὶ τῆς νήσου ἔλαβον ἔκτακτα μέτρα καὶ ἐπελήφθησαν αἱ βρεταννικαὶ δυνάμεις. Αἱ διαπραγματεύσεις εἰς Λονδῖνον συνεχίζονται, ἀλλ' ἡ κατάστασις παραμένει τεταμένη. Ὁ ἀρχιεπίσκοπος Μακάριος ἐδήλωσεν ὅτι ἡ Κυπριακὴ Κυβέρνησις θὰ προστατεύσῃ τοὺς πολίτας.
Ο κ. ΑΑΓΑΚΟΣ ΕΙΣ ΓΥΘΕΙΟΝ
Ὁ κ. Παπανδρέου ἐδήλωσεν ὅτι ἡ Ἕνωσις Κέντρου θὰ ἐξακολουθήσῃ τὸν ἀγῶνα της μέχρι τῆς τελικῆς νίκης. Ὁ λαὸς ἔχει ἤδη ἀποφασίσει καὶ αἱ ἐκλογαὶ τῆς 16ης Φεβρουαρίου θὰ ἀποτελέσουν τὴν ἐπικύρωσιν τῆς θελήσεώς του. Ἡ παράταξις τοῦ Κέντρου ἐμφανίζεται ἑνωμένη καὶ ἰσχυρά, ἐνῶ ἡ ΕΡΕ εὑρίσκεται εἰς πλήρη σύγχυσιν. Εἰς ὅλας τὰς περιφερείας αἱ συγκεντρώσεις τῶν ὑποψηφίων γνωρίζουν ἄνευ προηγουμένου ἐπιτυχίαν.
ΓΕΡΑΣΙΜΟΣ ΒΑΣΙΛΑΤΟΣ
ΟΙ ΥΠΟΝΟΜΕΥΤΑΙ ΤΗΣ ΔΡΑΧΜΗΣ ΘΑ ΜΕΤΑΝΟΗΣΟΥΝ
ΑΥΣΤΗΡΑ ΠΡΟΕΙΔΟΠΟΙΗΣΙΣ ΤΗΣ ΕΝΩΣΕΩΣ ΚΕΝΤΡΟΥ
ΑΠΟ ΤΗΝ ΣΕΛΙΔΑ 1 Η ΣΥΝΕΧΕΙΑ
Ὁ κ. Παπανδρέου ἐδήλωσεν ὅτι ἡ Ἕνωσις Κέντρου θὰ ἐξακολουθήσῃ τὸν ἀγῶνα της μέχρι τῆς τελικῆς νίκης. Ὁ λαὸς ἔχει ἤδη ἀποφασίσει καὶ αἱ ἐκλογαὶ τῆς 16ης Φεβρουαρίου θὰ ἀποτελέσουν τὴν ἐπικύρωσιν τῆς θελήσεώς του. Ἡ παράταξις τοῦ Κέντρου ἐμφανίζεται ἑνωμένη καὶ ἰσχυρά, ἐνῶ ἡ ΕΡΕ εὑρίσκεται εἰς πλήρη σύγχυσιν. Εἰς ὅλας τὰς περιφερείας αἱ συγκεντρώσεις τῶν ὑποψηφίων γνωρίζουν ἄνευ προηγουμένου ἐπιτυχίαν.
ΑΙ ΔΗΛΩΣΕΙΣ ΤΟΥ κ. Γ. ΜΑΥΡΟΥ
διὰ τὴν ἐφαρμογὴν τῶν ἀποφάσεων τῆς Κυβερνήσεως ὡς πρὸς τὰ οἰκονομικὰ μέτρα, ἐλήφθησαν χθὲς αἱ ἀναγκαῖαι ἀποφάσεις ὑπὸ τῆς Ἐπιτροπῆς, ἡ ὁποία συνῆλθεν ὑπὸ τὴν προεδρίαν τοῦ ἁρμοδίου ὑπουργοῦ. Ἐξητάσθησαν τὰ ζητήματα τῆς ἀγορᾶς καὶ τῶν τιμῶν καὶ ἀπεφασίσθη ἡ συνέχισις τῶν ἐργασιῶν μέχρι τῆς ὁλοκληρώσεως αὐτῶν. Εἰς τὴν συνεδρίασιν παρέστησαν οἱ ἐκπρόσωποι τῶν ἐπαγγελματικῶν ὀργανώσεων καὶ τῶν τραπεζῶν, οἱ ὁποῖοι ἐξέθεσαν τὰς ἀπόψεις των. Κατόπιν μακρᾶς συζητήσεως ἐγένετο δεκτὸν ὅπως ὑποβληθῇ σχετικὸν ὑπόμνημα.
Εἰς τὰς συγκρούσεις ἔλαβον μέρος ἐνοπλοι ὁμάδες, αἱ ὁποῖαι ἐπετέθησαν κατὰ τῶν ἑλληνικῶν χωρίων. Αἱ ἀρχαὶ τῆς νήσου ἔλαβον ἔκτακτα μέτρα καὶ ἐπελήφθησαν αἱ βρεταννικαὶ δυνάμεις. Αἱ διαπραγματεύσεις εἰς Λονδῖνον συνεχίζονται, ἀλλ' ἡ κατάστασις παραμένει τεταμένη. Ὁ ἀρχιεπίσκοπος Μακάριος ἐδήλωσεν ὅτι ἡ Κυπριακὴ Κυβέρνησις θὰ προστατεύσῃ τοὺς πολίτας.
ΣΦΟΔΡΟΤΑΤΑΙ ΣΥΓΚΡΟΥΣΕΙΣ ΜΕΤΑΞΥ ΤΟΥΡΚΩΝ ΚΑΙ ΕΛΛΗΝΩΝ ΕΙΣ ΚΥΠΡΟΝ
Η ΣΥΝΕΧΕΙΑ ΑΠΟ ΤΗΝ ΣΕΛΙΔΑ 1
Εἰς τὰς συγκρούσεις ἔλαβον μέρος ἐνοπλοι ὁμάδες, αἱ ὁποῖαι ἐπετέθησαν κατὰ τῶν ἑλληνικῶν χωρίων. Αἱ ἀρχαὶ τῆς νήσου ἔλαβον ἔκτακτα μέτρα καὶ ἐπελήφθησαν αἱ βρεταννικαὶ δυνάμεις. Αἱ διαπραγματεύσεις εἰς Λονδῖνον συνεχίζονται, ἀλλ' ἡ κατάστασις παραμένει τεταμένη. Ὁ ἀρχιεπίσκοπος Μακάριος ἐδήλωσεν ὅτι ἡ Κυπριακὴ Κυβέρνησις θὰ προστατεύσῃ τοὺς πολίτας.
«ΔΕΝ ΕΠΙΘΥΜΕΙ ΕΝΩΣΙΝ Η ΕΛΛΑΣ»
Ὁ κ. Παπανδρέου ἐδήλωσεν ὅτι ἡ Ἕνωσις Κέντρου θὰ ἐξακολουθήσῃ τὸν ἀγῶνα της μέχρι τῆς τελικῆς νίκης. Ὁ λαὸς ἔχει ἤδη ἀποφασίσει καὶ αἱ ἐκλογαὶ τῆς 16ης Φεβρουαρίου θὰ ἀποτελέσουν τὴν ἐπικύρωσιν τῆς θελήσεώς του. Ἡ παράταξις τοῦ Κέντρου ἐμφανίζεται ἑνωμένη καὶ ἰσχυρά, ἐνῶ ἡ ΕΡΕ εὑρίσκεται εἰς πλήρη σύγχυσιν. Εἰς ὅλας τὰς περιφερείας αἱ συγκεντρώσεις τῶν ὑποψηφίων γνωρίζουν ἄνευ προηγουμένου ἐπιτυχίαν.
ΕΠΙΣΤΡΕΦΕΙ ΑΝ ΕΓΚΑΤΟΙΚΗΣΗ
διὰ τὴν ἐφαρμογὴν τῶν ἀποφάσεων τῆς Κυβερνήσεως ὡς πρὸς τὰ οἰκονομικὰ μέτρα, ἐλήφθησαν χθὲς αἱ ἀναγκαῖαι ἀποφάσεις ὑπὸ τῆς Ἐπιτροπῆς, ἡ ὁποία συνῆλθεν ὑπὸ τὴν προεδρίαν τοῦ ἁρμοδίου ὑπουργοῦ. Ἐξητάσθησαν τὰ ζητήματα τῆς ἀγορᾶς καὶ τῶν τιμῶν καὶ ἀπεφασίσθη ἡ συνέχισις τῶν ἐργασιῶν μέχρι τῆς ὁλοκληρώσεως αὐτῶν. Εἰς τὴν συνεδρίασιν παρέστησαν οἱ ἐκπρόσωποι τῶν ἐπαγγελματικῶν ὀργανώσεων καὶ τῶν τραπεζῶν, οἱ ὁποῖοι ἐξέθεσαν τὰς ἀπόψεις των. Κατόπιν μακρᾶς συζητήσεως ἐγένετο δεκτὸν ὅπως ὑποβληθῇ σχετικὸν ὑπόμνημα.
διὰ τὴν ἐφαρμογὴν τῶν ἀποφάσεων τῆς Κυβερνήσεως ὡς πρὸς τὰ οἰκονομικὰ μέτρα, ἐλήφθησαν χθὲς αἱ ἀναγκαῖαι ἀποφάσεις ὑπὸ τῆς Ἐπιτροπῆς, ἡ ὁποία συνῆλθεν ὑπὸ τὴν προεδρίαν τοῦ ἁρμοδίου ὑπουργοῦ. Ἐξητάσθησαν τὰ ζητήματα τῆς ἀγορᾶς καὶ τῶν τιμῶν καὶ ἀπεφασίσθη ἡ συνέχισις τῶν ἐργασιῶν μέχρι τῆς ὁλοκληρώσεως αὐτῶν. Εἰς τὴν συνεδρίασιν παρέστησαν οἱ ἐκπρόσωποι τῶν ἐπαγγελματικῶν ὀργανώσεων καὶ τῶν
ΑΝΟΣΙΟΝ ΕΡΓΟΝ
Ὁ κ. Παπανδρέου ἐδήλωσεν ὅτι ἡ Ἕνωσις Κέντρου θὰ ἐξακολουθήσῃ τὸν ἀγῶνα της μέχρι τῆς τελικῆς νίκης. Ὁ λαὸς ἔχει ἤδη ἀποφασίσει καὶ αἱ ἐκλογαὶ τῆς 16ης Φεβρουαρίου θὰ ἀποτελέσουν τὴν ἐπικύρωσιν τῆς θελήσεώς του. Ἡ παράταξις τοῦ Κέντρου ἐμφανίζεται ἑνωμένη καὶ ἰσχυρά, ἐνῶ ἡ ΕΡΕ εὑρίσκεται εἰς πλήρη σύγχυσιν. Εἰς ὅλας τὰς περιφερείας αἱ συγκεντρώσεις τῶν ὑποψηφίων γνωρίζουν ἄνευ προηγουμένου ἐπιτυχίαν.
ΣΥΣΚΕΨΙΣ ΤΩΝ ΕΝΟΠΛ. ΔΥΝΑΜΕΩΝ
Εἰς τὰς συγκρούσεις ἔλαβον μέρος ἐνοπλοι ὁμάδες, αἱ ὁποῖαι ἐπετέθησαν κατὰ τῶν ἑλληνικῶν χωρίων. Αἱ ἀρχαὶ τῆς νήσου ἔλαβον ἔκτακτα μέτρα καὶ ἐπελήφθησαν αἱ βρεταννικαὶ δυνάμεις. Αἱ διαπραγματεύσεις εἰς Λονδῖνον συνεχίζονται, ἀλλ' ἡ κατάστασις παραμένει τεταμένη. Ὁ ἀρχιεπίσκοπος Μακάριος ἐδήλωσεν ὅτι ἡ Κυπριακὴ
«ΕΧΘΡΟΙ ΤΗΣ ΕΙΡΗΝΗΣ»
διὰ τὴν ἐφαρμογὴν τῶν ἀποφάσεων τῆς Κυβερνήσεως ὡς πρὸς τὰ οἰκονομικὰ μέτρα, ἐλήφθησαν χθὲς αἱ ἀναγκαῖαι ἀποφάσεις ὑπὸ τῆς Ἐπιτροπῆς, ἡ ὁποία συνῆλθεν ὑπὸ τὴν προεδρίαν τοῦ ἁρμοδίου ὑπουργοῦ. Ἐξητάσθησαν τὰ ζητήματα τῆς ἀγορᾶς καὶ τῶν τιμῶν καὶ ἀπεφασίσθη ἡ συνέχισις τῶν
ΑΥΡΙΟΝ ΑΙ ΣΥΣΚΕΨΕΙΣ ΥΠΟ ΤΟΝ ΣΤΡΑΤΗΓΟΝ ΓΡΙΒΑΝ
Ὁ κ. Παπανδρέου ἐδήλωσεν ὅτι ἡ Ἕνωσις Κέντρου θὰ ἐξακολουθήσῃ τὸν ἀγῶνα της μέχρι τῆς τελικῆς νίκης. Ὁ λαὸς ἔχει ἤδη ἀποφασίσει καὶ αἱ ἐκλογαὶ τῆς 16ης Φεβρουαρίου θὰ ἀποτελέσουν τὴν ἐπικύρωσιν τῆς θελήσεώς του. Ἡ παράταξις τοῦ Κέντρου ἐμφανίζεται ἑνωμένη καὶ ἰσχυρά, ἐνῶ ἡ ΕΡΕ εὑρίσκεται εἰς πλήρη σύγχυσιν. Εἰς ὅλας τὰς περιφερείας αἱ συγκεντρώσεις τῶν ὑποψηφίων
ΑΠΟΘΕΩΣΙΝ ΕΤΟΙΜΑΖΕΙ Η ΒΟΡΕΙΟΣ ΕΛΛΑΣ ΕΙΣ ΤΟΝ ΑΡΧΗΓΟΝ ΤΗΣ ΕΝΩΣΕΩΣ ΚΕΝΤΡΟΥ
Η ΣΥΝΕΧΕΙΑ ΑΠΟ ΤΗΝ ΣΕΛΙΔΑ 1
Ὁ κ. Παπανδρέου ἐδήλωσεν ὅτι ἡ Ἕνωσις Κέντρου θὰ ἐξακολουθήσῃ τὸν ἀγῶνα της μέχρι τῆς τελικῆς νίκης. Ὁ λαὸς ἔχει ἤδη ἀποφασίσει καὶ αἱ ἐκλογαὶ τῆς 16ης Φεβρουαρίου θὰ ἀποτελέσουν τὴν ἐπικύρωσιν τῆς θελήσεώς του. Ἡ παράταξις τοῦ Κέντρου ἐμφανίζεται ἑνωμένη καὶ ἰσχυρά, ἐνῶ ἡ ΕΡΕ εὑρίσκεται εἰς πλήρη σύγχυσιν. Εἰς ὅλας τὰς περιφερείας αἱ συγκεντρώσεις τῶν ὑποψηφίων γνωρίζουν ἄνευ προηγουμένου
ΠΕΡΙΟΔΕΙΑ ΕΙΣ ΟΛΗΝ ΤΗΝ ΕΛΛΑΔΑ
διὰ τὴν ἐφαρμογὴν τῶν ἀποφάσεων τῆς Κυβερνήσεως ὡς πρὸς τὰ οἰκονομικὰ μέτρα, ἐλήφθησαν χθὲς αἱ ἀναγκαῖαι ἀποφάσεις ὑπὸ τῆς Ἐπιτροπῆς, ἡ ὁποία συνῆλθεν ὑπὸ τὴν προεδρίαν τοῦ ἁρμοδίου ὑπουργοῦ. Ἐξητάσθησαν τὰ ζητήματα τῆς ἀγορᾶς καὶ τῶν τιμῶν καὶ ἀπεφασίσθη ἡ συνέχισις τῶν ἐργασιῶν μέχρι τῆς ὁλοκληρώσεως αὐτῶν. Εἰς τὴν συνεδρίασιν παρέστησαν οἱ ἐκπρόσωποι τῶν ἐπαγγελματικῶν ὀργανώσεων καὶ τῶν τραπεζῶν, οἱ ὁποῖοι ἐξέθεσαν τὰς ἀπόψεις των. Κατόπιν μακρᾶς συζητήσεως ἐγένετο δεκτὸν ὅπως ὑποβληθῇ σχετικὸν ὑπόμνημα.
ΑΝΑΚΟΙΝΩΣΙΣ
ΤΗΣ ΕΝΩΣΕΩΣ ΙΔΙΟΚΤΗΤΩΝ
ΗΜΕΡΗΣΙΩΝ ΕΦΗΜΕΡΙΔΩΝ ΑΘΗΝΩΝ
Ὁ κ. Παπανδρέου ἐδήλωσεν ὅτι ἡ Ἕνωσις Κέντρου θὰ ἐξακολουθήσῃ τὸν ἀγῶνα της μέχρι τῆς τελικῆς νίκης. Ὁ λαὸς ἔχει ἤδη ἀποφασίσει καὶ αἱ ἐκλογαὶ τῆς 16ης Φεβρουαρίου θὰ ἀποτελέσουν τὴν ἐπικύρωσιν τῆς θελήσεώς του. Ἡ παράταξις τοῦ Κέντρου ἐμφανίζεται ἑνωμένη καὶ ἰσχυρά, ἐνῶ ἡ ΕΡΕ εὑρίσκεται εἰς πλήρη σύγχυσιν. Εἰς ὅλας τὰς περιφερείας αἱ συγκεντρώσεις τῶν ὑποψηφίων γνωρίζουν ἄνευ προηγουμένου ἐπιτυχίαν.
Ἐν Ἀθήναις τῇ 23η Ἰανουαρίου 1964
Εἰς τὰς συγκρούσεις ἔλαβον μέρος ἐνοπλοι ὁμάδες, αἱ ὁποῖαι ἐπετέθησαν κατὰ τῶν ἑλληνικῶν χωρίων. Αἱ ἀρχαὶ τῆς νήσου ἔλαβον ἔκτακτα μέτρα καὶ ἐπελήφθησαν αἱ βρεταννικαὶ δυνάμεις. Αἱ διαπραγματεύσεις εἰς Λονδῖνον συνεχίζονται, ἀλλ' ἡ κατάστασις παραμένει τεταμένη. Ὁ ἀρχιεπίσκοπος Μακάριος ἐδήλωσεν ὅτι ἡ Κυπριακὴ Κυβέρνησις θὰ προστατεύσῃ τοὺς πολίτας.
ΠΡΟΣΧΩΡΗΣΙΣ ΤΗΣ ΣΥΓΚΛΗΤΟΥ
διὰ τὴν ἐφαρμογὴν τῶν ἀποφάσεων τῆς Κυβερνήσεως ὡς πρὸς τὰ οἰκονομικὰ μέτρα, ἐλήφθησαν χθὲς αἱ ἀναγκαῖαι ἀποφάσεις ὑπὸ τῆς Ἐπιτροπῆς, ἡ ὁποία συνῆλθεν ὑπὸ τὴν προεδρίαν τοῦ ἁρμοδίου ὑπουργοῦ. Ἐξητάσθησαν τὰ ζητήματα τῆς ἀγορᾶς καὶ τῶν τιμῶν καὶ ἀπεφασίσθη ἡ συνέχισις τῶν ἐργασιῶν μέχρι τῆς ὁλοκληρώσεως αὐτῶν. Εἰς τὴν συνεδρίασιν παρέστησαν οἱ ἐκπρόσωποι τῶν ἐπαγγελματικῶν ὀργανώσεων καὶ τῶν τραπεζῶν, οἱ ὁποῖοι ἐξέθεσαν τὰς ἀπόψεις των. Κατόπιν μακρᾶς συζητήσεως ἐγένετο δεκτὸν ὅπως ὑποβληθῇ σχετικὸν ὑπόμνημα.
Ο ΣΥΝΑΣΠΙΣΜΟΣ ΛΑΚΩΝΙΑΣ
Ὁ κ. Παπανδρέου ἐδήλωσεν ὅτι ἡ Ἕνωσις Κέντρου θὰ ἐξακολουθήσῃ τὸν ἀγῶνα της μέχρι τῆς τελικῆς νίκης. Ὁ λαὸς ἔχει ἤδη ἀποφασίσει καὶ αἱ ἐκλογαὶ τῆς 16ης Φεβρουαρίου θὰ ἀποτελέσουν τὴν ἐπικύρωσιν τῆς θελήσεώς του. Ἡ παράταξις τοῦ Κέντρου ἐμφανίζεται ἑνωμένη καὶ ἰσχυρά, ἐνῶ ἡ ΕΡΕ εὑρίσκεται εἰς πλήρη σύγχυσιν. Εἰς ὅλας τὰς περιφερείας αἱ συγκεντρώσεις τῶν ὑποψηφίων γνωρίζουν ἄνευ προηγουμένου ἐπιτυχίαν.
Η ΒΑΣΙΛΙΣΣΑ ΠΑΡΕΚΑΘΗΣΕΝ ΕΙΣ ΕΠΙΣΗΜΟΝ ΓΕΥΜΑ
Η ΣΥΝΕΧΕΙΑ ΑΠΟ ΤΗΝ ΣΕΛΙΔΑ 1
Εἰς τὰς συγκρούσεις ἔλαβον μέρος ἐνοπλοι ὁμάδες, αἱ ὁποῖαι ἐπετέθησαν κατὰ τῶν ἑλληνικῶν χωρίων. Αἱ ἀρχαὶ τῆς νήσου ἔλαβον ἔκτακτα μέτρα καὶ ἐπελήφθησαν αἱ βρεταννικαὶ δυνάμεις. Αἱ διαπραγματεύσεις εἰς Λονδῖνον συνεχίζονται, ἀλλ' ἡ κατάστασις παραμένει τεταμένη. Ὁ ἀρχιεπίσκοπος Μακάριος ἐδήλωσεν ὅτι ἡ Κυπριακὴ Κυβέρνησις θὰ προστατεύσῃ τοὺς πολίτας.
